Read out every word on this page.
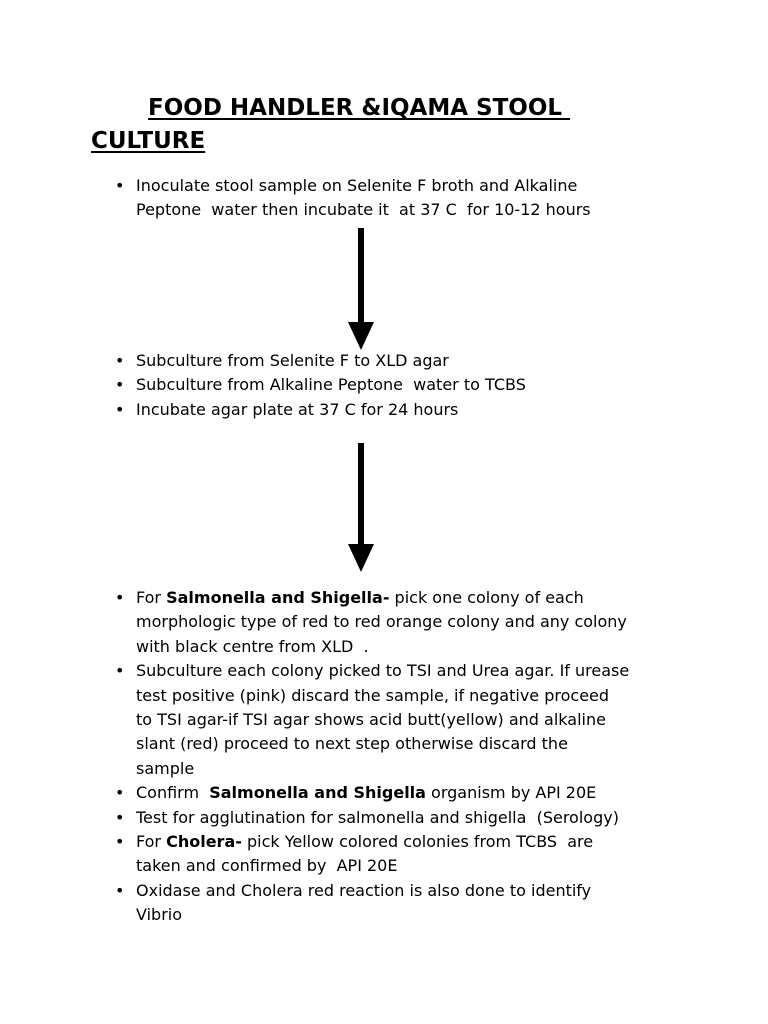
FOOD HANDLER &IQAMA STOOL
CULTURE
• Inoculate stool sample on Selenite F broth and Alkaline
Peptone  water then incubate it  at 37 C  for 10-12 hours
• Subculture from Selenite F to XLD agar
• Subculture from Alkaline Peptone  water to TCBS
• Incubate agar plate at 37 C for 24 hours
• For Salmonella and Shigella- pick one colony of each
morphologic type of red to red orange colony and any colony
with black centre from XLD  .
• Subculture each colony picked to TSI and Urea agar. If urease
test positive (pink) discard the sample, if negative proceed
to TSI agar-if TSI agar shows acid butt(yellow) and alkaline
slant (red) proceed to next step otherwise discard the
sample
• Confirm  Salmonella and Shigella organism by API 20E
• Test for agglutination for salmonella and shigella  (Serology)
• For Cholera- pick Yellow colored colonies from TCBS  are
taken and confirmed by  API 20E
• Oxidase and Cholera red reaction is also done to identify
Vibrio
